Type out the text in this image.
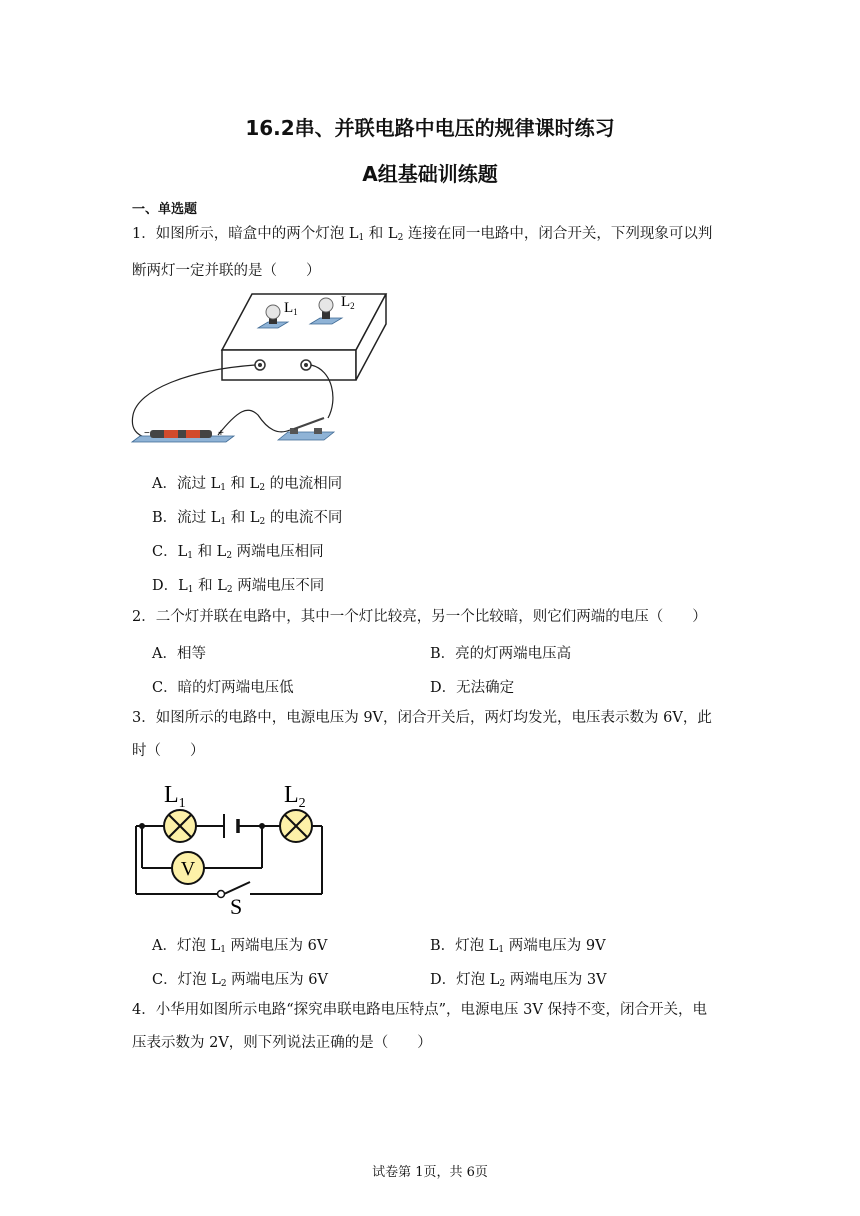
16.2串、并联电路中电压的规律课时练习
A组基础训练题
一、单选题
1．如图所示，暗盒中的两个灯泡 $L_1$ 和 $L_2$ 连接在同一电路中，闭合开关，下列现象可以判
断两灯一定并联的是（　　）
$L_1$
$L_2$
−	+
A．流过 $L_1$ 和 $L_2$ 的电流相同
B．流过 $L_1$ 和 $L_2$ 的电流不同
C．$L_1$ 和 $L_2$ 两端电压相同
D．$L_1$ 和 $L_2$ 两端电压不同
2．二个灯并联在电路中，其中一个灯比较亮，另一个比较暗，则它们两端的电压（　　）
A．相等	B．亮的灯两端电压高
C．暗的灯两端电压低	D．无法确定
3．如图所示的电路中，电源电压为 9V，闭合开关后，两灯均发光，电压表示数为 6V，此
时（　　）
V
$L_1$	$L_2$
S
A．灯泡 $L_1$ 两端电压为 6V	B．灯泡 $L_1$ 两端电压为 9V
C．灯泡 $L_2$ 两端电压为 6V	D．灯泡 $L_2$ 两端电压为 3V
4．小华用如图所示电路“探究串联电路电压特点”，电源电压 3V 保持不变，闭合开关，电
压表示数为 2V，则下列说法正确的是（　　）
试卷第 1页，共 6页
